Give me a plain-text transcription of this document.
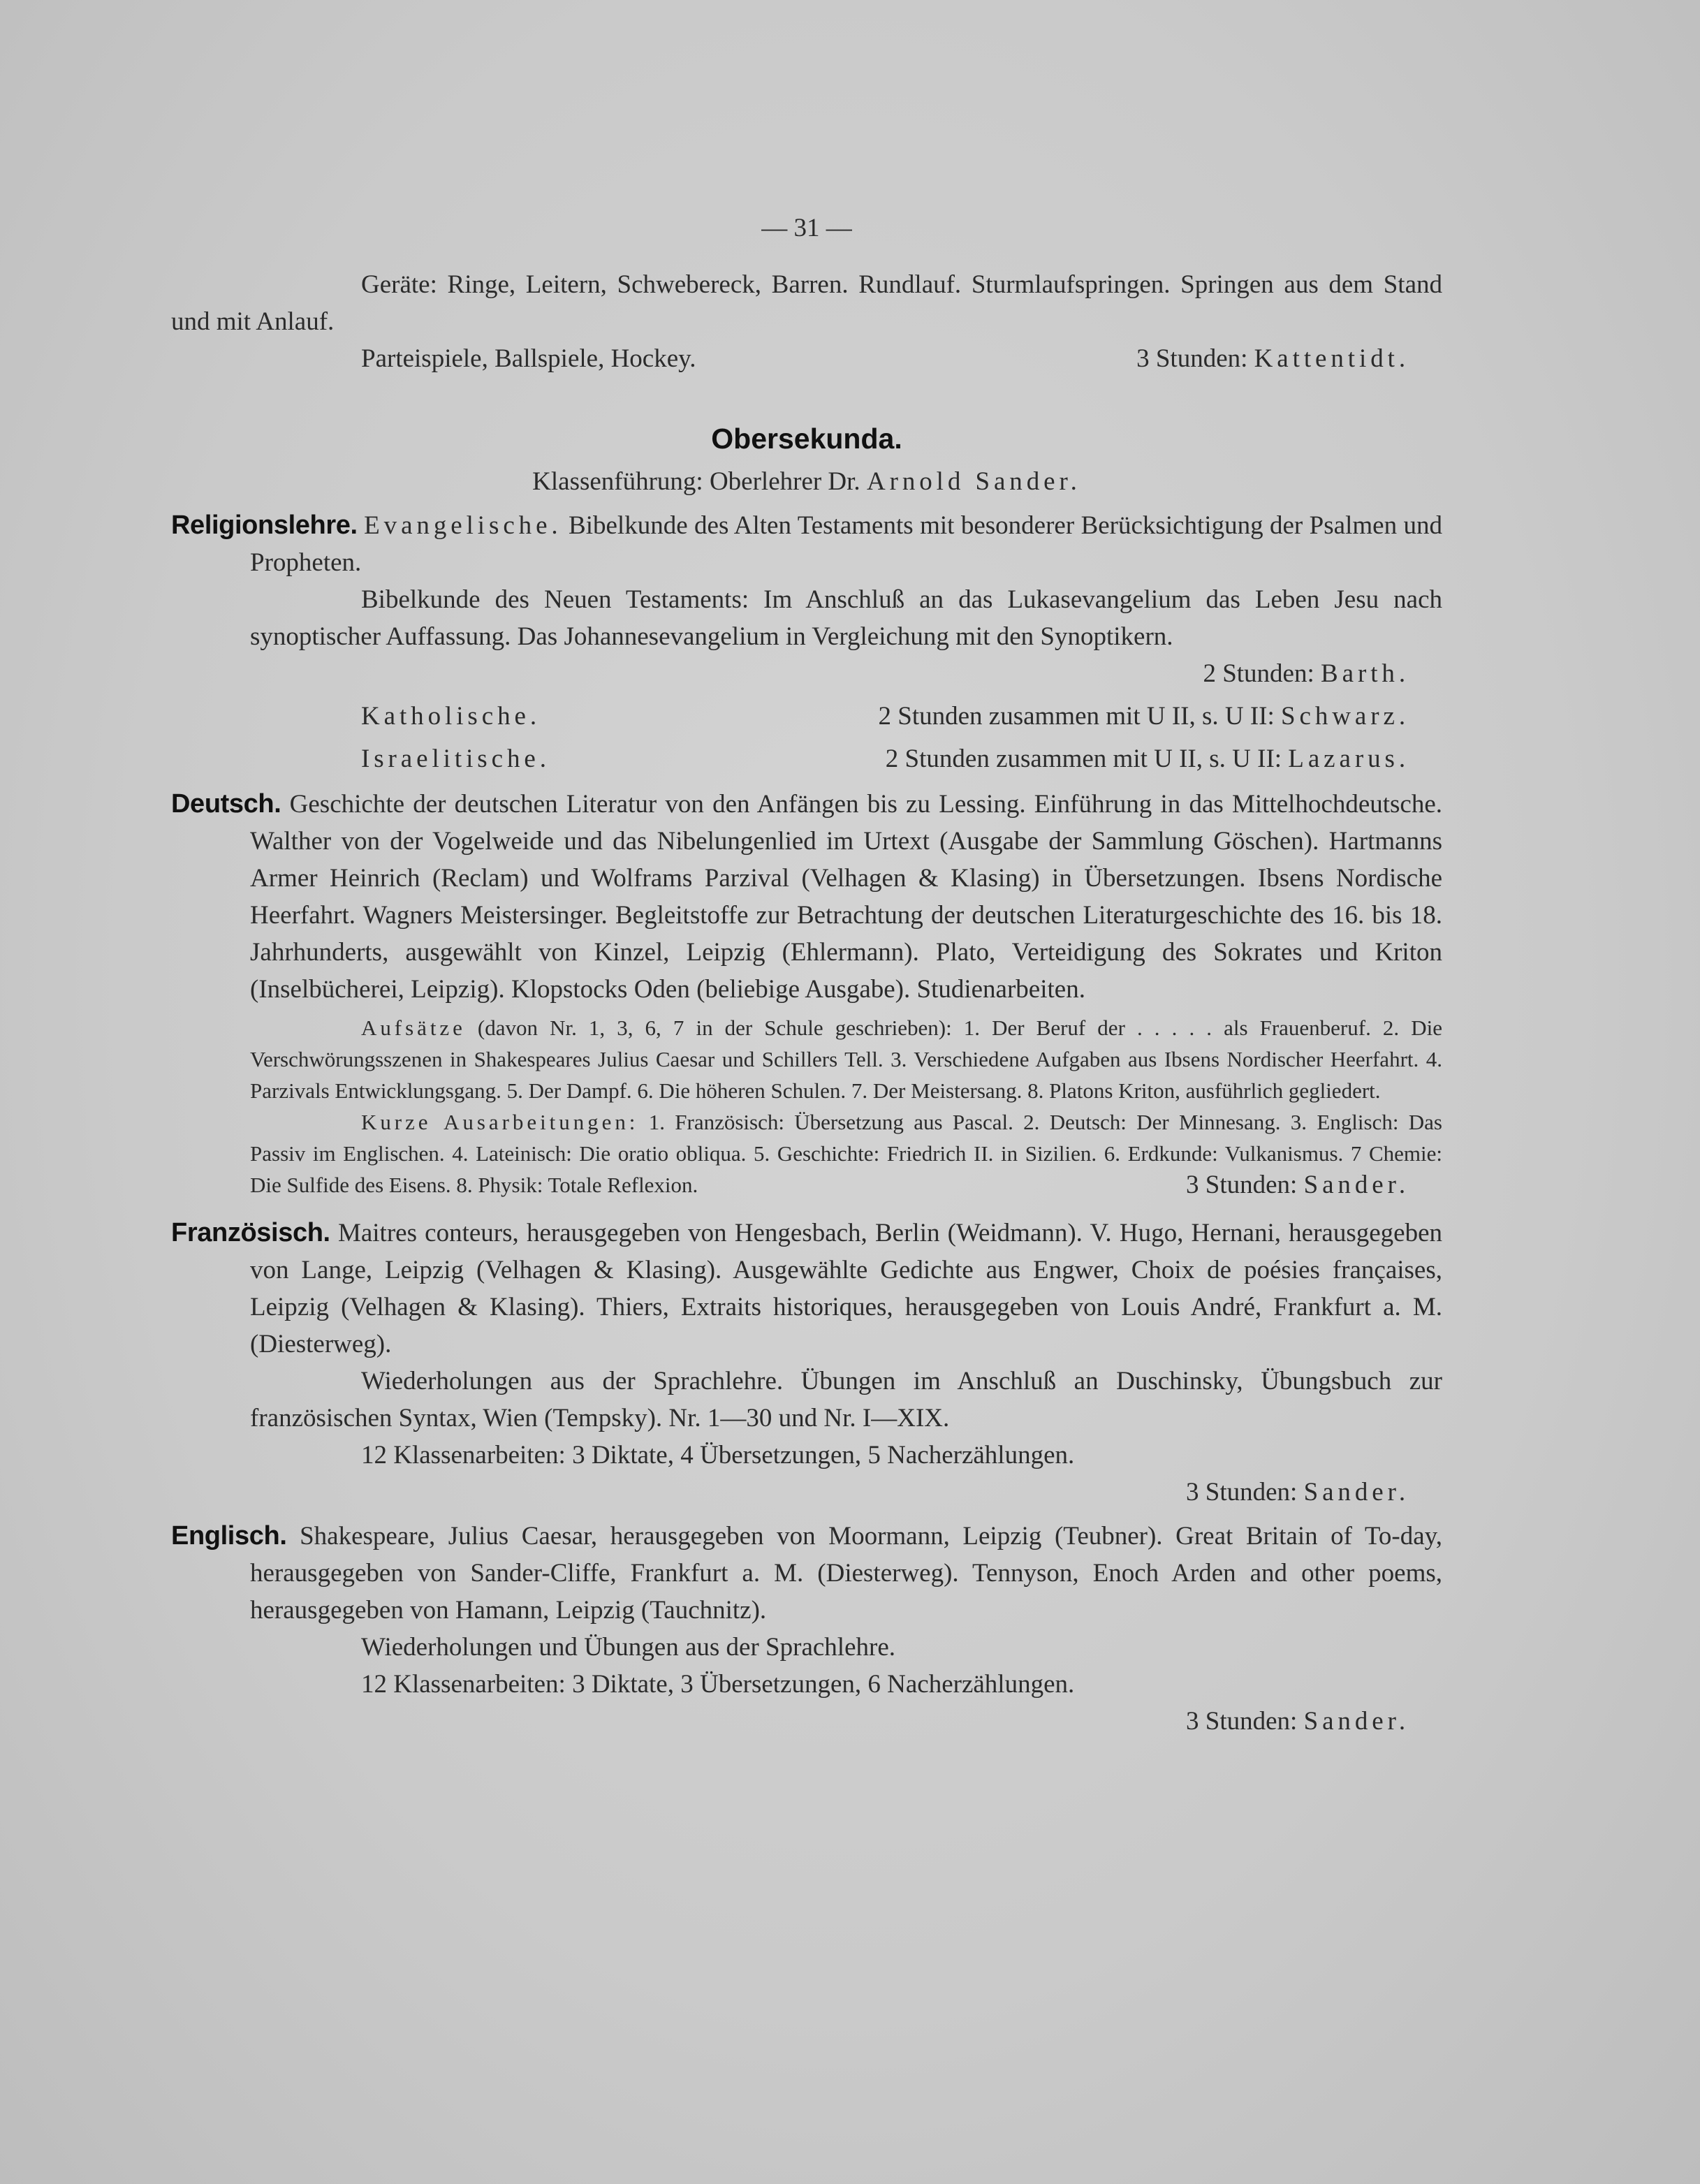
— 31 —

Geräte: Ringe, Leitern, Schwebereck, Barren. Rundlauf. Sturmlaufspringen. Springen aus dem Stand und mit Anlauf.

Parteispiele, Ballspiele, Hockey.	3 Stunden: Kattentidt.
Obersekunda.

Klassenführung: Oberlehrer Dr. Arnold Sander.

Religionslehre. Evangelische. Bibelkunde des Alten Testaments mit besonderer Berücksichtigung der Psalmen und Propheten.

Bibelkunde des Neuen Testaments: Im Anschluß an das Lukasevangelium das Leben Jesu nach synoptischer Auffassung. Das Johannesevangelium in Vergleichung mit den Synoptikern.
2 Stunden: Barth.

Katholische.	2 Stunden zusammen mit U II, s. U II: Schwarz.
Israelitische.	2 Stunden zusammen mit U II, s. U II: Lazarus.

Deutsch. Geschichte der deutschen Literatur von den Anfängen bis zu Lessing. Einführung in das Mittelhochdeutsche. Walther von der Vogelweide und das Nibelungenlied im Urtext (Ausgabe der Sammlung Göschen). Hartmanns Armer Heinrich (Reclam) und Wolframs Parzival (Velhagen & Klasing) in Übersetzungen. Ibsens Nordische Heerfahrt. Wagners Meistersinger. Begleitstoffe zur Betrachtung der deutschen Literaturgeschichte des 16. bis 18. Jahrhunderts, ausgewählt von Kinzel, Leipzig (Ehlermann). Plato, Verteidigung des Sokrates und Kriton (Inselbücherei, Leipzig). Klopstocks Oden (beliebige Ausgabe). Studienarbeiten.

Aufsätze (davon Nr. 1, 3, 6, 7 in der Schule geschrieben): 1. Der Beruf der . . . . . als Frauenberuf. 2. Die Verschwörungsszenen in Shakespeares Julius Caesar und Schillers Tell. 3. Verschiedene Aufgaben aus Ibsens Nordischer Heerfahrt. 4. Parzivals Entwicklungsgang. 5. Der Dampf. 6. Die höheren Schulen. 7. Der Meistersang. 8. Platons Kriton, ausführlich gegliedert.

Kurze Ausarbeitungen: 1. Französisch: Übersetzung aus Pascal. 2. Deutsch: Der Minnesang. 3. Englisch: Das Passiv im Englischen. 4. Lateinisch: Die oratio obliqua. 5. Geschichte: Friedrich II. in Sizilien. 6. Erdkunde: Vulkanismus. 7 Chemie: Die Sulfide des Eisens. 8. Physik: Totale Reflexion.	3 Stunden: Sander.

Französisch. Maitres conteurs, herausgegeben von Hengesbach, Berlin (Weidmann). V. Hugo, Hernani, herausgegeben von Lange, Leipzig (Velhagen & Klasing). Ausgewählte Gedichte aus Engwer, Choix de poésies françaises, Leipzig (Velhagen & Klasing). Thiers, Extraits historiques, herausgegeben von Louis André, Frankfurt a. M. (Diesterweg).

Wiederholungen aus der Sprachlehre. Übungen im Anschluß an Duschinsky, Übungsbuch zur französischen Syntax, Wien (Tempsky). Nr. 1—30 und Nr. I—XIX.

12 Klassenarbeiten: 3 Diktate, 4 Übersetzungen, 5 Nacherzählungen.

3 Stunden: Sander.

Englisch. Shakespeare, Julius Caesar, herausgegeben von Moormann, Leipzig (Teubner). Great Britain of To-day, herausgegeben von Sander-Cliffe, Frankfurt a. M. (Diesterweg). Tennyson, Enoch Arden and other poems, herausgegeben von Hamann, Leipzig (Tauchnitz).

Wiederholungen und Übungen aus der Sprachlehre.

12 Klassenarbeiten: 3 Diktate, 3 Übersetzungen, 6 Nacherzählungen.

3 Stunden: Sander.
